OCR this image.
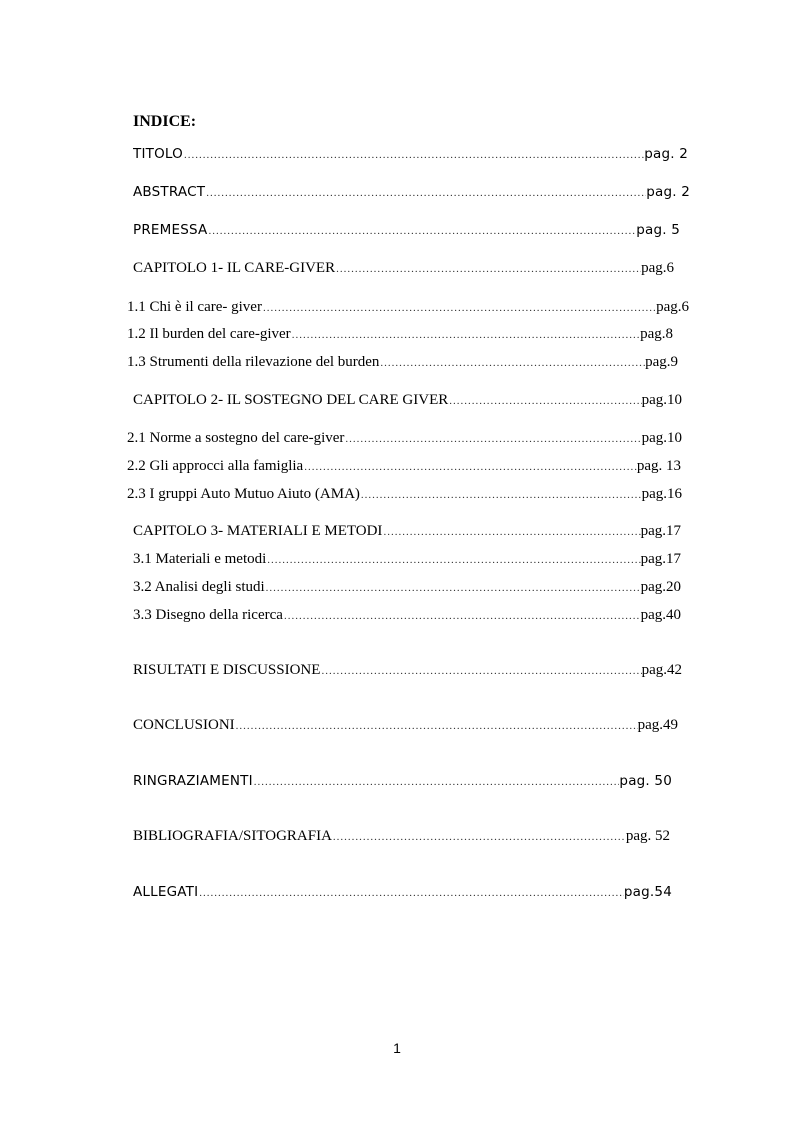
INDICE:
TITOLO .....	pag. 2
ABSTRACT .....	pag. 2
PREMESSA .....	pag. 5
CAPITOLO 1- IL CARE-GIVER .....	pag.6
1.1 Chi è il care- giver .....	pag.6
1.2 Il burden del care-giver .....	pag.8
1.3 Strumenti della rilevazione del burden .....	pag.9
CAPITOLO 2- IL SOSTEGNO DEL CARE GIVER .....	pag.10
2.1 Norme a sostegno del care-giver .....	pag.10
2.2 Gli approcci alla famiglia .....	pag. 13
2.3 I gruppi Auto Mutuo Aiuto (AMA) .....	pag.16
CAPITOLO 3- MATERIALI E METODI .....	pag.17
3.1 Materiali e metodi .....	pag.17
3.2 Analisi degli studi .....	pag.20
3.3 Disegno della ricerca .....	pag.40
RISULTATI E DISCUSSIONE .....	pag.42
CONCLUSIONI .....	pag.49
RINGRAZIAMENTI .....	pag. 50
BIBLIOGRAFIA/SITOGRAFIA .....	pag. 52
ALLEGATI .....	pag.54
1
